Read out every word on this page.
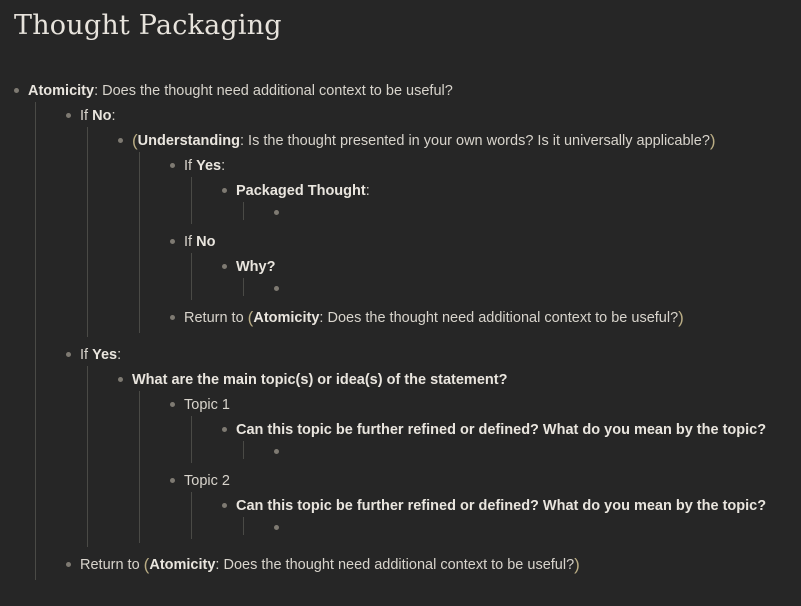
Thought Packaging
Atomicity: Does the thought need additional context to be useful?
If No:
(Understanding: Is the thought presented in your own words? Is it universally applicable?)
If Yes:
Packaged Thought:
If No
Why?
Return to (Atomicity: Does the thought need additional context to be useful?)
If Yes:
What are the main topic(s) or idea(s) of the statement?
Topic 1
Can this topic be further refined or defined? What do you mean by the topic?
Topic 2
Can this topic be further refined or defined? What do you mean by the topic?
Return to (Atomicity: Does the thought need additional context to be useful?)
